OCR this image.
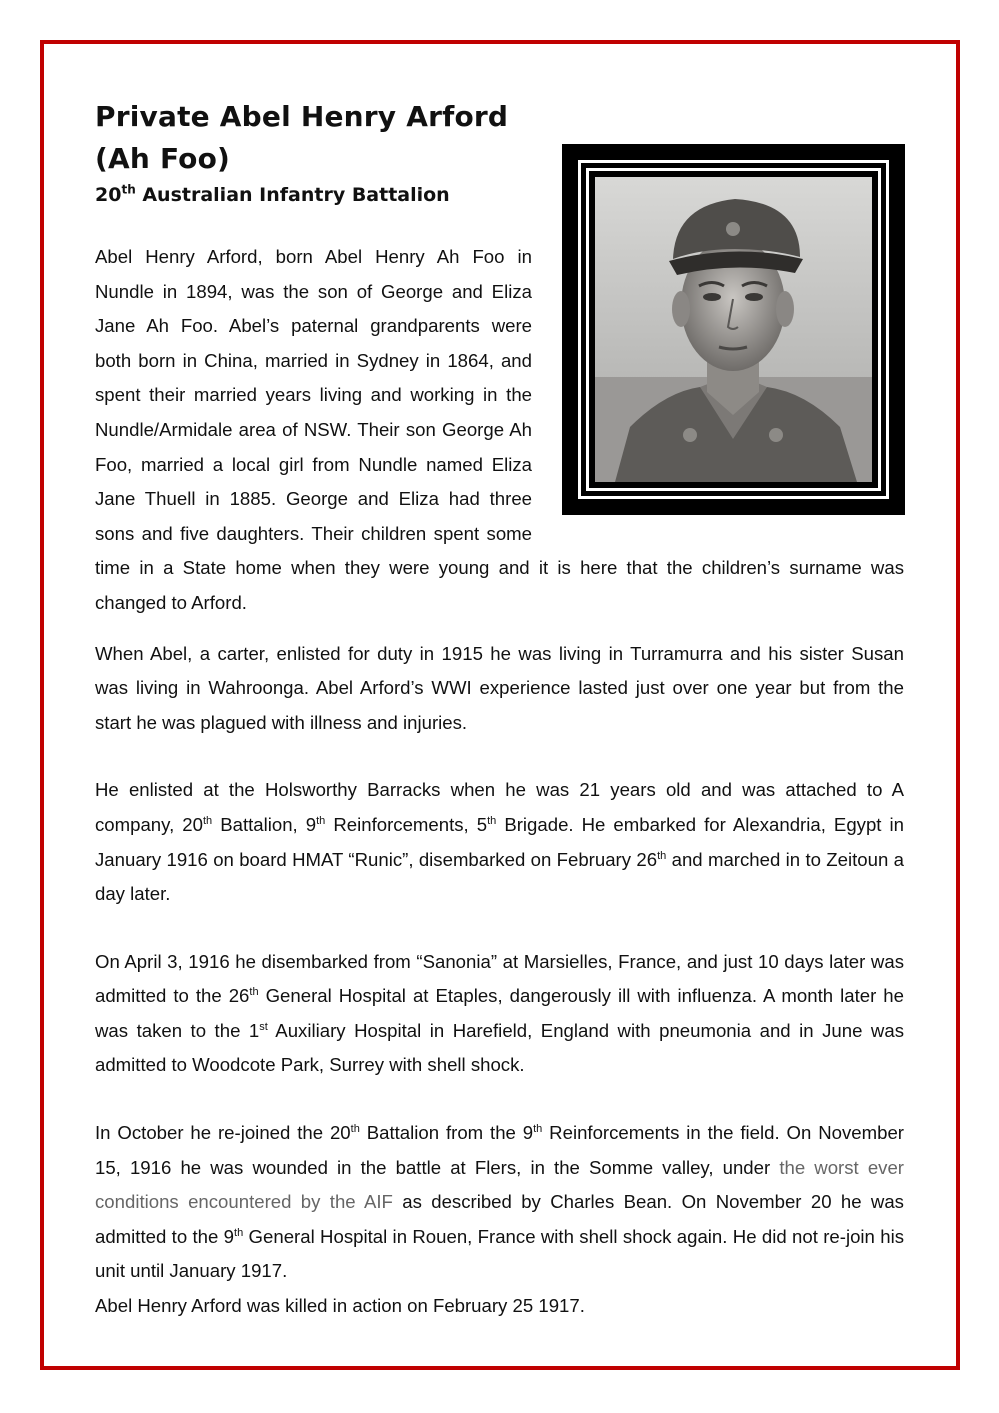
Private Abel Henry Arford
(Ah Foo)
20th Australian Infantry Battalion

Abel Henry Arford, born Abel Henry Ah Foo in Nundle in 1894, was the son of George and Eliza Jane Ah Foo. Abel’s paternal grandparents were both born in China, married in Sydney in 1864, and spent their married years living and working in the Nundle/Armidale area of NSW. Their son George Ah Foo, married a local girl from Nundle named Eliza Jane Thuell in 1885. George and Eliza had three sons and five daughters. Their children spent some time in a State home when they were young and it is here that the children’s surname was changed to Arford.

When Abel, a carter, enlisted for duty in 1915 he was living in Turramurra and his sister Susan was living in Wahroonga. Abel Arford’s WWI experience lasted just over one year but from the start he was plagued with illness and injuries.

He enlisted at the Holsworthy Barracks when he was 21 years old and was attached to A company, 20th Battalion, 9th Reinforcements, 5th Brigade. He embarked for Alexandria, Egypt in January 1916 on board HMAT “Runic”, disembarked on February 26th and marched in to Zeitoun a day later.

On April 3, 1916 he disembarked from “Sanonia” at Marsielles, France, and just 10 days later was admitted to the 26th General Hospital at Etaples, dangerously ill with influenza. A month later he was taken to the 1st Auxiliary Hospital in Harefield, England with pneumonia and in June was admitted to Woodcote Park, Surrey with shell shock.

In October he re-joined the 20th Battalion from the 9th Reinforcements in the field. On November 15, 1916 he was wounded in the battle at Flers, in the Somme valley, under the worst ever conditions encountered by the AIF as described by Charles Bean. On November 20 he was admitted to the 9th General Hospital in Rouen, France with shell shock again. He did not re-join his unit until January 1917.

Abel Henry Arford was killed in action on February 25 1917.
